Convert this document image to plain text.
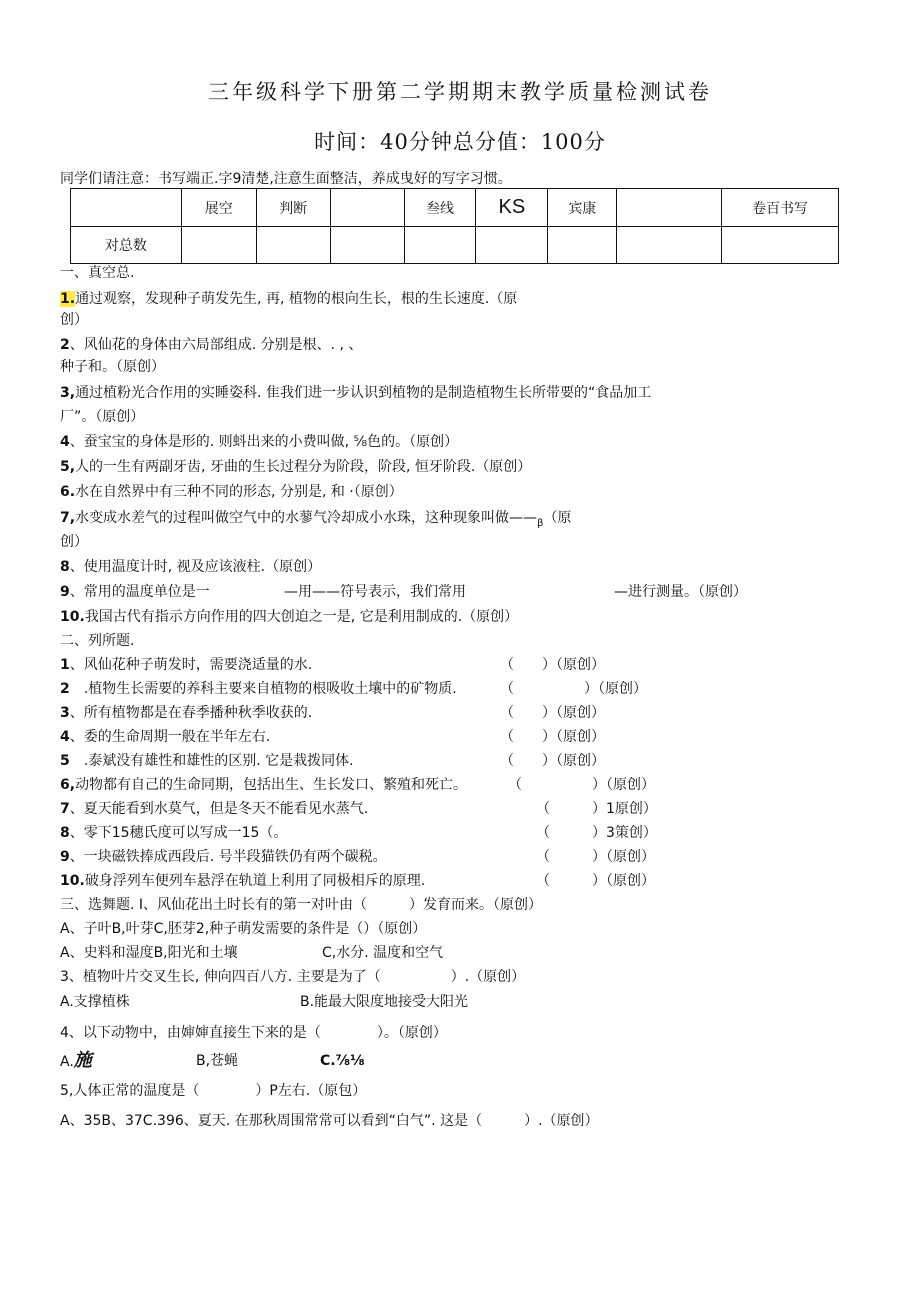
三年级科学下册第二学期期末教学质量检测试卷
时间：40分钟总分值：100分
同学们请注意：书写端正.字9清楚,注意生面整洁，养成曳好的写字习惯。
	展空	判断		叁线	KS	宾康		卷百书写
对总数								
一、真空总.
1.通过观察，发现种子萌发先生, 再, 植物的根向生长，根的生长速度.（原
创）
2、风仙花的身体由六局部组成. 分别是根、. , 、
种子和。（原创）
3,通过植粉光合作用的实睡姿科. 隹我们进一步认识到植物的是制造植物生长所带要的“食品加工
厂”。（原创）
4、蚕宝宝的身体是形的. 则蚪出来的小费叫做, ⅝色的。（原创）
5,人的一生有两副牙齿, 牙曲的生长过程分为阶段，阶段, 恒牙阶段.（原创）
6.水在自然界中有三种不同的形态, 分别是, 和 ·（原创）
7,水变成水差气的过程叫做空气中的水蓼气冷却成小水珠，这种现象叫做$——_\beta$（原
创）
8、使用温度计时, 视及应该液柱.（原创）
9、常用的温度单位是一	—用——符号表示，我们常用	—进行测量。（原创）
10.我国古代有指示方向作用的四大创迫之一是, 它是利用制成的.（原创）
二、列所题.
1、风仙花种子萌发时，需要浇适量的水.	（　　）（原创）
2　.植物生长需要的养科主要来自植物的根吸收土壤中的矿物质.	（　　　　　）（原创）
3、所有植物都是在春季播种秋季收获的.	（　　）（原创）
4、委的生命周期一般在半年左右.	（　　）（原创）
5　.泰斌没有雄性和雄性的区别. 它是栽拨同体.	（　　）（原创）
6,动物都有自己的生命同期，包括出生、生长发口、繁殖和死亡。	（　　　　　）（原创）
7、夏天能看到水莫气，但是冬天不能看见水蒸气.	（　　　）1原创）
8、零下15穗氏度可以写成一15（。	（　　　）3策创）
9、一块磁铁捧成西段后. 号半段猫铁仍有两个碳税。	（　　　）（原创）
10.破身浮列车便列车悬浮在轨道上利用了同极相斥的原理.	（　　　）（原创）
三、选舞题. I、风仙花出土时长有的第一对叶由（　　　）发育而来。（原创）
A、子叶B,叶芽C,胚芽2,种子萌发需要的条件是（）（原创）
A、史料和湿度B,阳光和土壤	C,水分. 温度和空气
3、植物叶片交叉生长, 伸向四百八方. 主要是为了（　　　　　）.（原创）
A.支撑植株	B.能最大限度地接受大阳光
4、以下动物中，由婶婶直接生下来的是（　　　　）。（原创）
A.施	B,苍蝇	C.⅞⅛
5,人体正常的温度是（　　　　）P左右.（原包）
A、35B、37C.396、夏天. 在那秋周围常常可以看到“白气”. 这是（　　　）.（原创）
